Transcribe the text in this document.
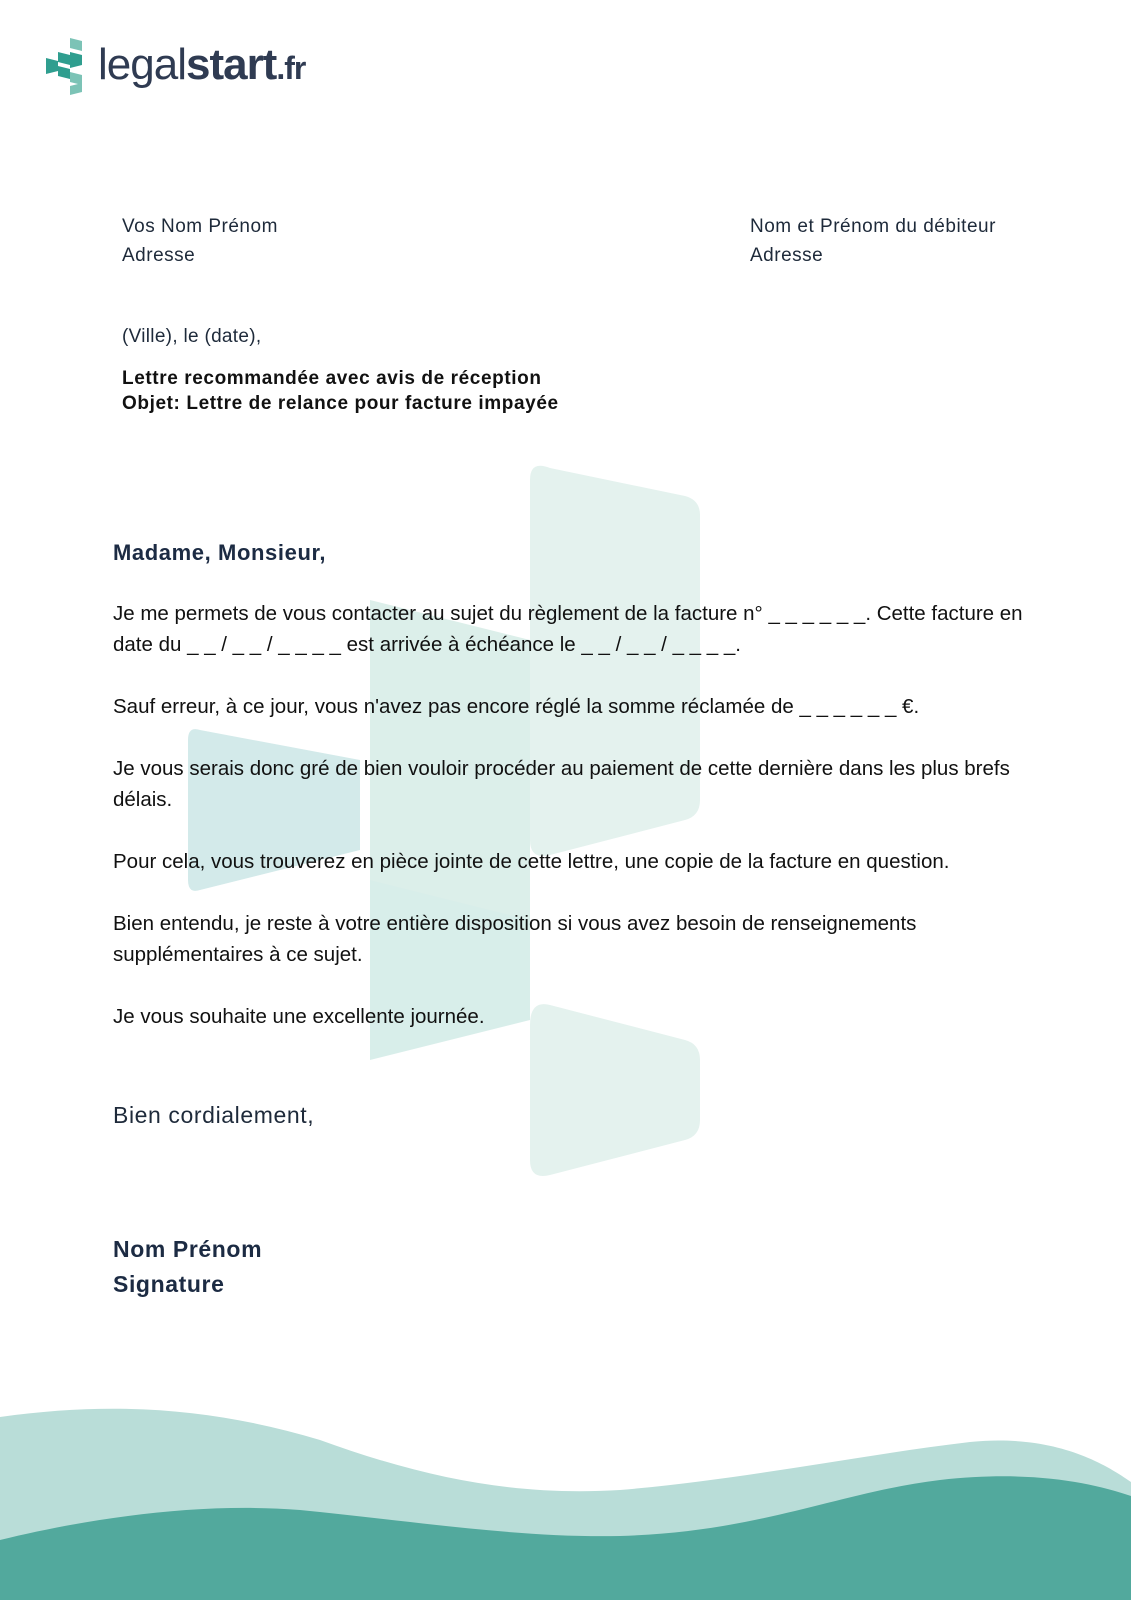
legalstart.fr
Vos Nom Prénom
Adresse
Nom et Prénom du débiteur
Adresse
(Ville), le (date),
Lettre recommandée avec avis de réception
Objet: Lettre de relance pour facture impayée
Madame, Monsieur,

Je me permets de vous contacter au sujet du règlement de la facture n° _ _ _ _ _ _. Cette facture en date du _ _ / _ _ / _ _ _ _ est arrivée à échéance le _ _ / _ _ / _ _ _ _.

Sauf erreur, à ce jour, vous n'avez pas encore réglé la somme réclamée de _ _ _ _ _ _ €.

Je vous serais donc gré de bien vouloir procéder au paiement de cette dernière dans les plus brefs délais.

Pour cela, vous trouverez en pièce jointe de cette lettre, une copie de la facture en question.

Bien entendu, je reste à votre entière disposition si vous avez besoin de renseignements supplémentaires à ce sujet.

Je vous souhaite une excellente journée.

Bien cordialement,
Nom Prénom
Signature
